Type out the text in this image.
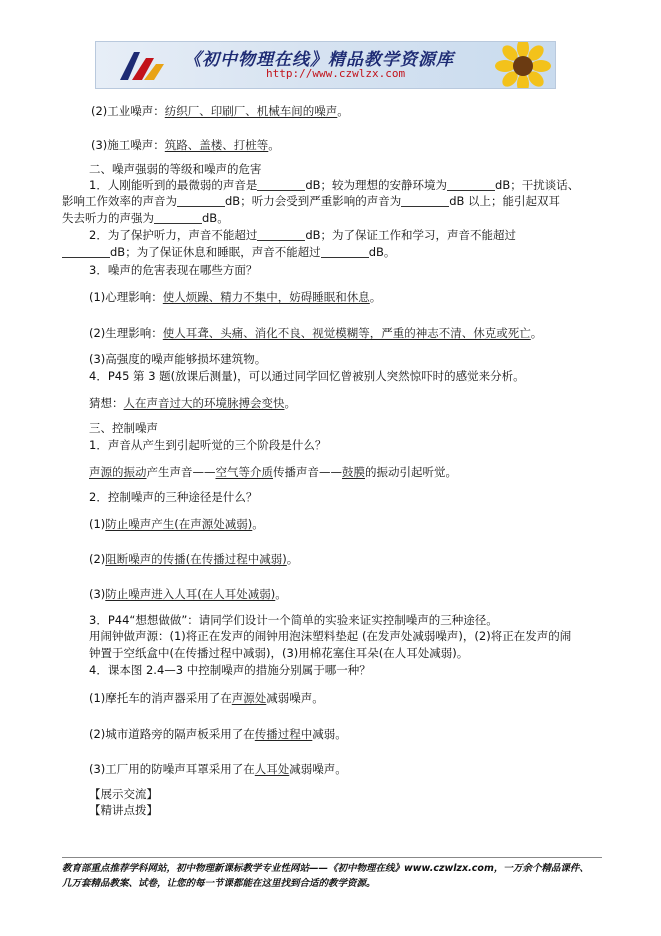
《初中物理在线》精品教学资源库
http://www.czwlzx.com
(2)工业噪声：纺织厂、印刷厂、机械车间的噪声。
(3)施工噪声：筑路、盖楼、打桩等。
二、噪声强弱的等级和噪声的危害
1．人刚能听到的最微弱的声音是	dB；较为理想的安静环境为	dB；干扰谈话、
影响工作效率的声音为	dB；听力会受到严重影响的声音为	dB 以上；能引起双耳
失去听力的声强为	dB。
2．为了保护听力，声音不能超过	dB；为了保证工作和学习，声音不能超过
dB；为了保证休息和睡眠，声音不能超过	dB。
3．噪声的危害表现在哪些方面？
(1)心理影响：使人烦躁、精力不集中，妨碍睡眠和休息。
(2)生理影响：使人耳聋、头痛、消化不良、视觉模糊等，严重的神志不清、休克或死亡。
(3)高强度的噪声能够损坏建筑物。
4．P45 第 3 题(放课后测量)，可以通过同学回忆曾被别人突然惊吓时的感觉来分析。
猜想：人在声音过大的环境脉搏会变快。
三、控制噪声
1．声音从产生到引起听觉的三个阶段是什么？
声源的振动产生声音——空气等介质传播声音——鼓膜的振动引起听觉。
2．控制噪声的三种途径是什么？
(1)防止噪声产生(在声源处减弱)。
(2)阻断噪声的传播(在传播过程中减弱)。
(3)防止噪声进入人耳(在人耳处减弱)。
3．P44“想想做做”：请同学们设计一个简单的实验来证实控制噪声的三种途径。
用闹钟做声源：(1)将正在发声的闹钟用泡沫塑料垫起 (在发声处减弱噪声)，(2)将正在发声的闹
钟置于空纸盒中(在传播过程中减弱)，(3)用棉花塞住耳朵(在人耳处减弱)。
4．课本图 2.4—3 中控制噪声的措施分别属于哪一种？
(1)摩托车的消声器采用了在声源处减弱噪声。
(2)城市道路旁的隔声板采用了在传播过程中减弱。
(3)工厂用的防噪声耳罩采用了在人耳处减弱噪声。
【展示交流】
【精讲点拨】
教育部重点推荐学科网站，初中物理新课标教学专业性网站——《初中物理在线》www.czwlzx.com，一万余个精品课件、
几万套精品教案、试卷，让您的每一节课都能在这里找到合适的教学资源。
